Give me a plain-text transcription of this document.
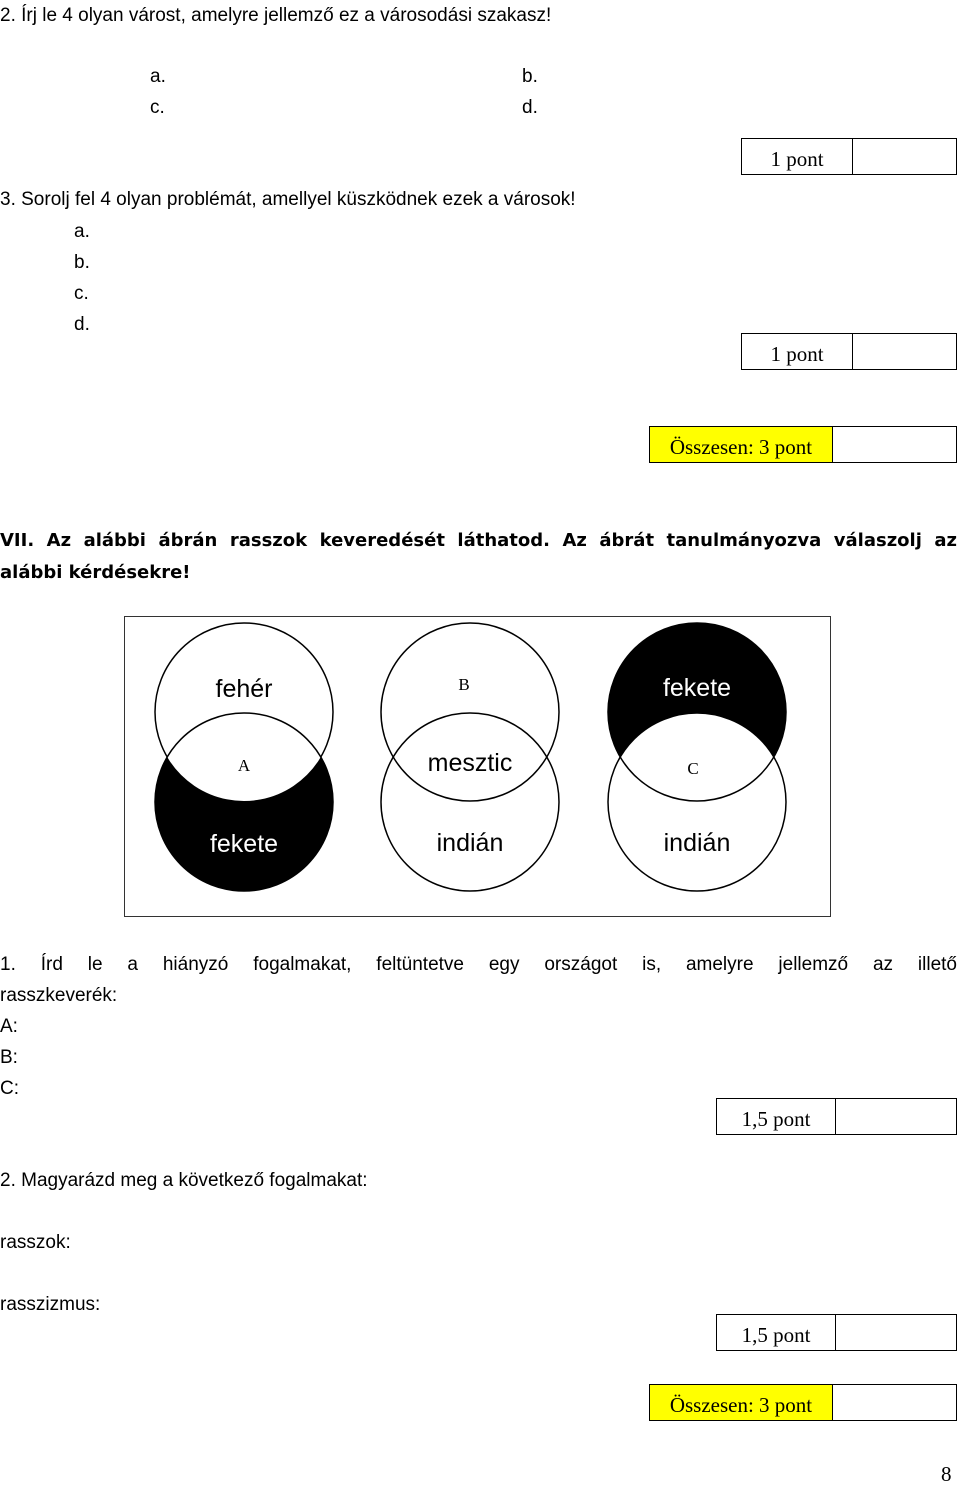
2. Írj le 4 olyan várost, amelyre jellemző ez a városodási szakasz!
a.	b.
c.	d.
1 pont
3. Sorolj fel 4 olyan problémát, amellyel küszködnek ezek a városok!
a.
b.
c.
d.
1 pont
Összesen: 3 pont
VII. Az alábbi ábrán rasszok keveredését láthatod. Az ábrát tanulmányozva válaszolj az
alábbi kérdésekre!
fehér
A
fekete
B
mesztic
indián
fekete
C
indián
1. Írd le a hiányzó fogalmakat, feltüntetve egy országot is, amelyre jellemző az illető
rasszkeverék:
A:
B:
C:
1,5 pont
2. Magyarázd meg a következő fogalmakat:
rasszok:
rasszizmus:
1,5 pont
Összesen: 3 pont
8
